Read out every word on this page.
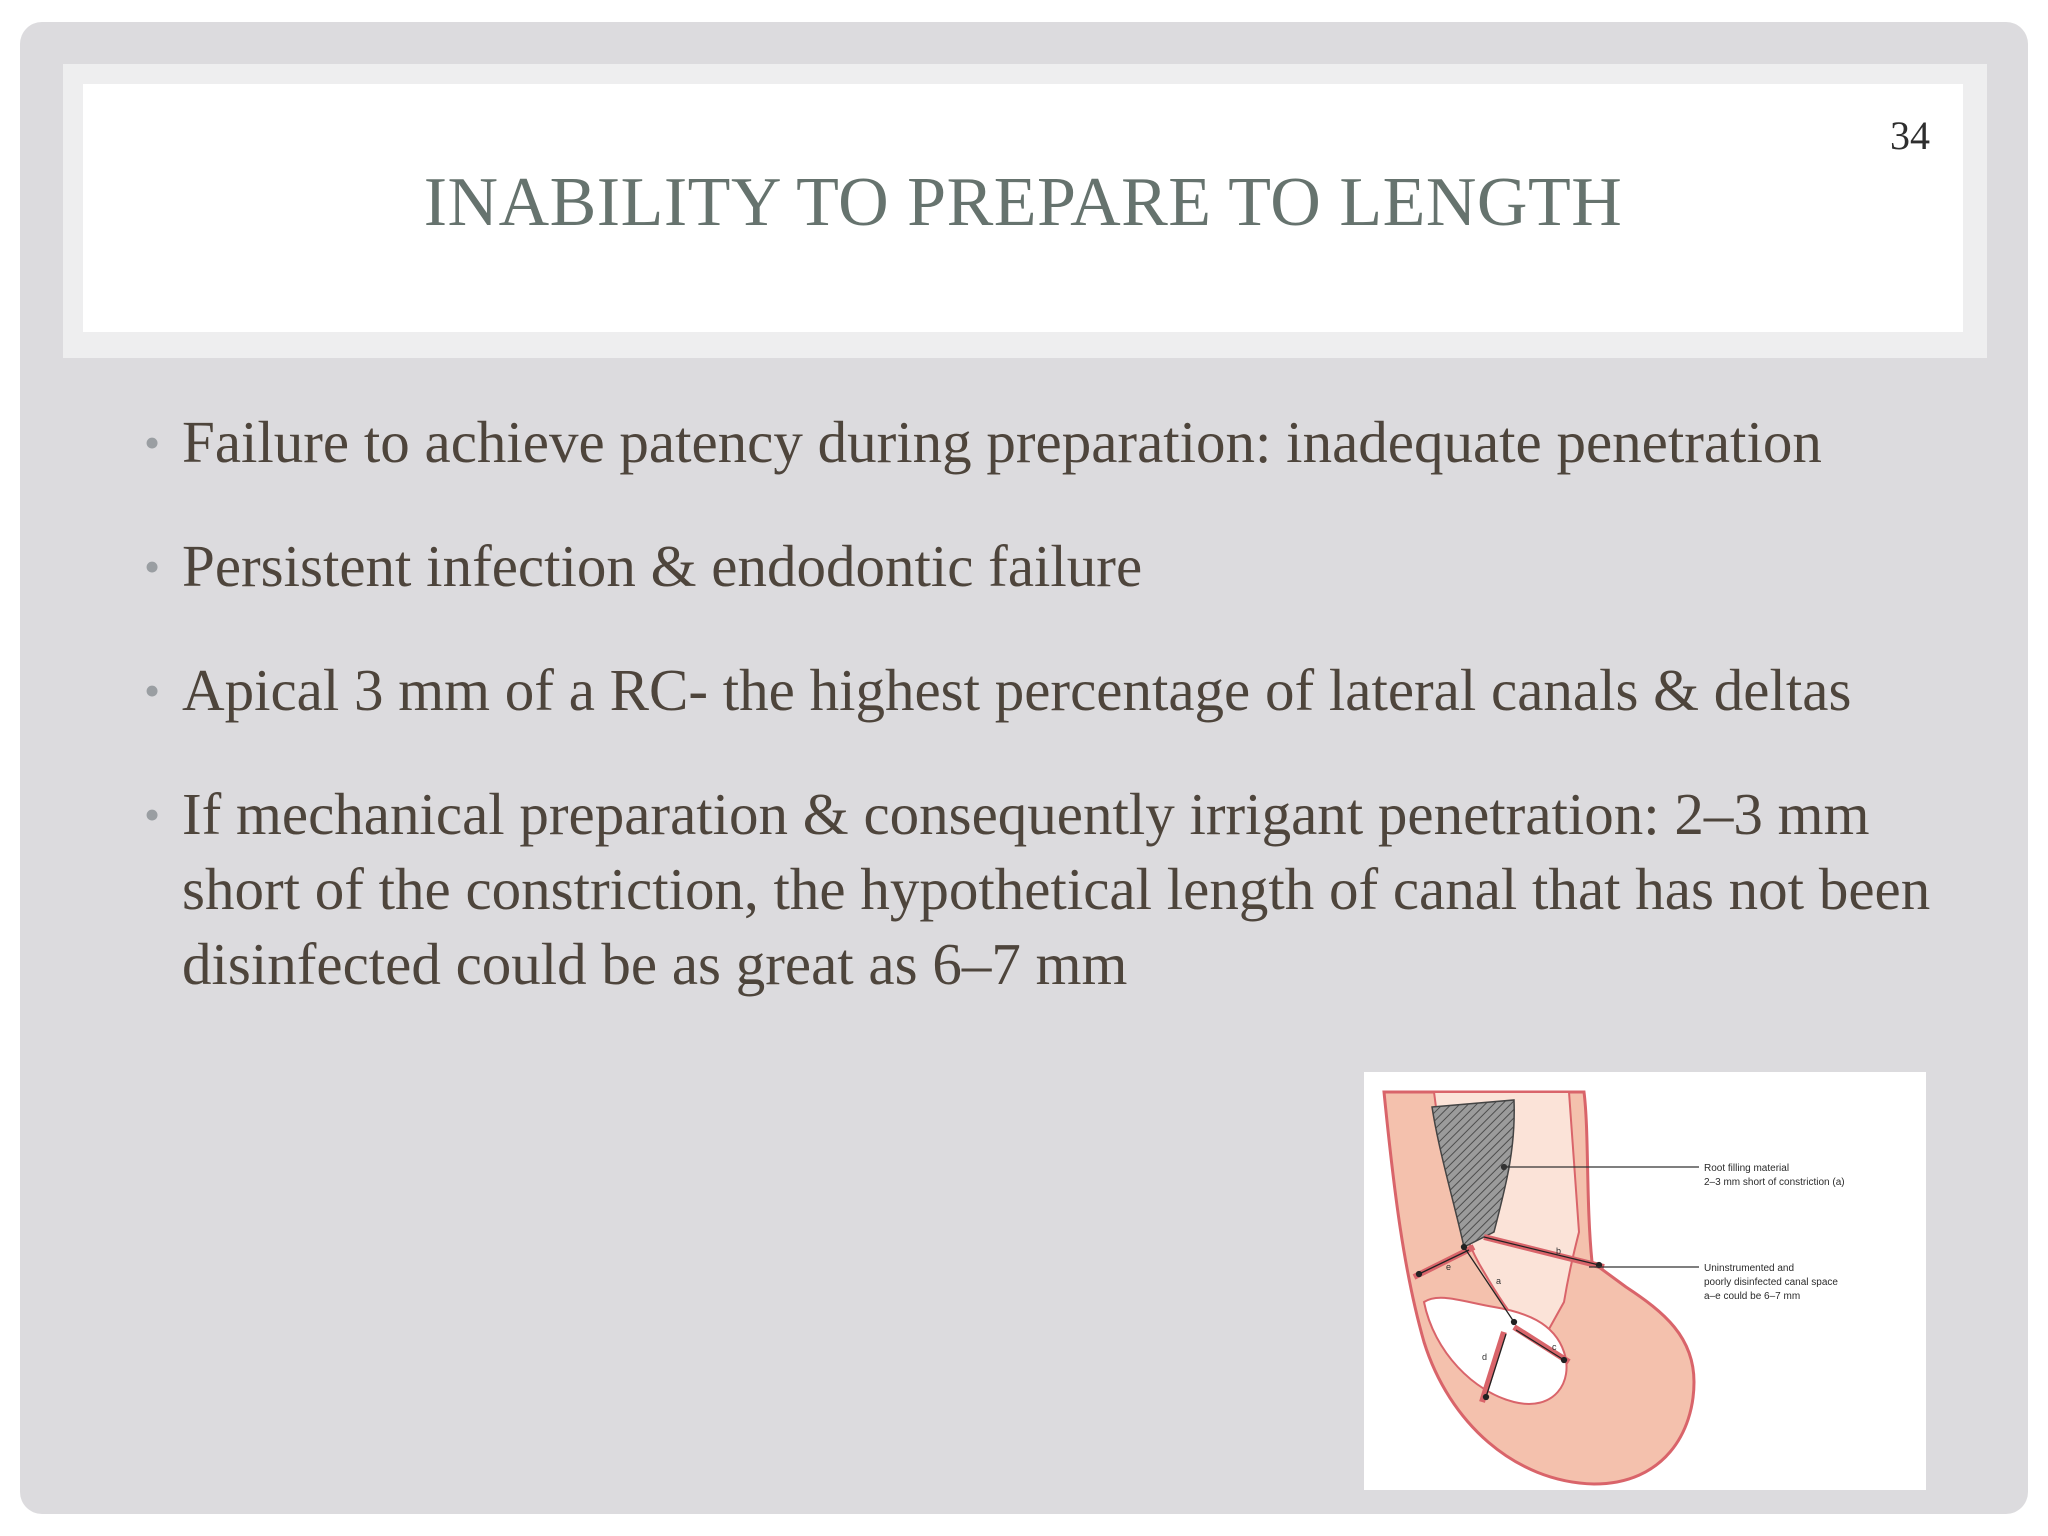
34
INABILITY TO PREPARE TO LENGTH
• Failure to achieve patency during preparation: inadequate penetration
• Persistent infection & endodontic failure
• Apical 3 mm of a RC- the highest percentage of lateral canals & deltas
• If mechanical preparation & consequently irrigant penetration: 2–3 mm short of the constriction, the hypothetical length of canal that has not been disinfected could be as great as 6–7 mm
a
b
c
d
e
Root filling material
2–3 mm short of constriction (a)
Uninstrumented and
poorly disinfected canal space
a–e could be 6–7 mm
